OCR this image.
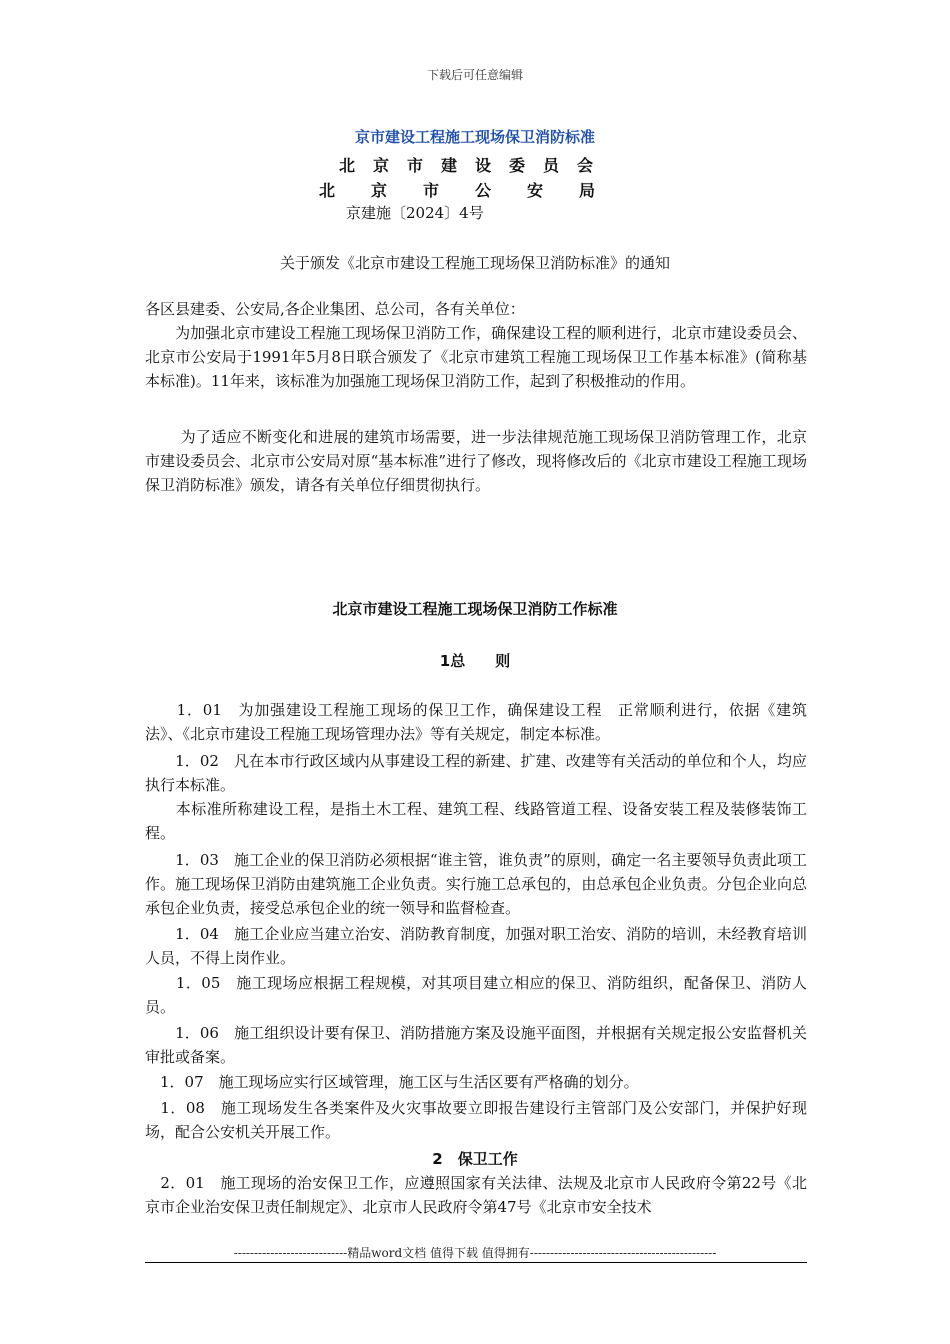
下载后可任意编辑
京市建设工程施工现场保卫消防标准
北京市建设委员会
北京市公安局
京建施〔2024〕4号
关于颁发《北京市建设工程施工现场保卫消防标准》的通知

各区县建委、公安局,各企业集团、总公司，各有关单位：

　　为加强北京市建设工程施工现场保卫消防工作，确保建设工程的顺利进行，北京市建设委员会、北京市公安局于1991年5月8日联合颁发了《北京市建筑工程施工现场保卫工作基本标准》(简称基本标准)。11年来，该标准为加强施工现场保卫消防工作，起到了积极推动的作用。

　　 为了适应不断变化和进展的建筑市场需要，进一步法律规范施工现场保卫消防管理工作，北京市建设委员会、北京市公安局对原“基本标准”进行了修改，现将修改后的《北京市建设工程施工现场保卫消防标准》颁发，请各有关单位仔细贯彻执行。

北京市建设工程施工现场保卫消防工作标准
1总　　则

　　1．01　为加强建设工程施工现场的保卫工作，确保建设工程　正常顺利进行，依据《建筑法》、《北京市建设工程施工现场管理办法》等有关规定，制定本标准。

　　1．02　凡在本市行政区域内从事建设工程的新建、扩建、改建等有关活动的单位和个人，均应执行本标准。

　　本标准所称建设工程，是指土木工程、建筑工程、线路管道工程、设备安装工程及装修装饰工程。

　　1．03　施工企业的保卫消防必须根据“谁主管，谁负责”的原则，确定一名主要领导负责此项工作。施工现场保卫消防由建筑施工企业负责。实行施工总承包的，由总承包企业负责。分包企业向总承包企业负责，接受总承包企业的统一领导和监督检查。

　　1．04　施工企业应当建立治安、消防教育制度，加强对职工治安、消防的培训，未经教育培训人员，不得上岗作业。

　　1．05　施工现场应根据工程规模，对其项目建立相应的保卫、消防组织，配备保卫、消防人员。

　　1．06　施工组织设计要有保卫、消防措施方案及设施平面图，并根据有关规定报公安监督机关审批或备案。

　1．07　施工现场应实行区域管理，施工区与生活区要有严格确的划分。

　1．08　施工现场发生各类案件及火灾事故要立即报告建设行主管部门及公安部门，并保护好现场，配合公安机关开展工作。

2　保卫工作

　2．01　施工现场的治安保卫工作，应遵照国家有关法律、法规及北京市人民政府令第22号《北京市企业治安保卫责任制规定》、北京市人民政府令第47号《北京市安全技术

----------------------------精品word文档 值得下载 值得拥有----------------------------------------------
